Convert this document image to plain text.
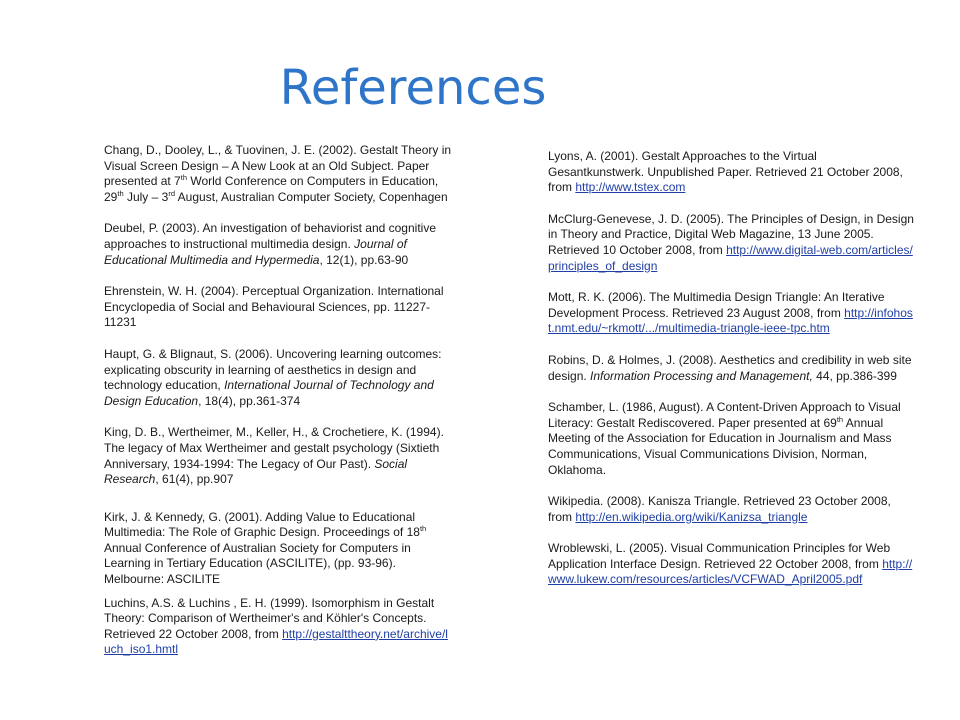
References

Chang, D., Dooley, L., & Tuovinen, J. E. (2002). Gestalt Theory in Visual Screen Design – A New Look at an Old Subject. Paper presented at 7th World Conference on Computers in Education, 29th July – 3rd August, Australian Computer Society, Copenhagen

Deubel, P. (2003). An investigation of behaviorist and cognitive approaches to instructional multimedia design. Journal of Educational Multimedia and Hypermedia, 12(1), pp.63-90

Ehrenstein, W. H. (2004). Perceptual Organization. International Encyclopedia of Social and Behavioural Sciences, pp. 11227-11231

Haupt, G. & Blignaut, S. (2006). Uncovering learning outcomes: explicating obscurity in learning of aesthetics in design and technology education, International Journal of Technology and Design Education, 18(4), pp.361-374

King, D. B., Wertheimer, M., Keller, H., & Crochetiere, K. (1994). The legacy of Max Wertheimer and gestalt psychology (Sixtieth Anniversary, 1934-1994: The Legacy of Our Past). Social Research, 61(4), pp.907

Kirk, J. & Kennedy, G. (2001). Adding Value to Educational Multimedia: The Role of Graphic Design. Proceedings of 18th Annual Conference of Australian Society for Computers in Learning in Tertiary Education (ASCILITE), (pp. 93-96). Melbourne: ASCILITE

Luchins, A.S. & Luchins , E. H. (1999). Isomorphism in Gestalt Theory: Comparison of Wertheimer's and Köhler's Concepts. Retrieved 22 October 2008, from http://gestalttheory.net/archive/luch_iso1.hmtl

Lyons, A. (2001). Gestalt Approaches to the Virtual Gesantkunstwerk. Unpublished Paper. Retrieved 21 October 2008, from http://www.tstex.com

McClurg-Genevese, J. D. (2005). The Principles of Design, in Design in Theory and Practice, Digital Web Magazine, 13 June 2005. Retrieved 10 October 2008, from http://www.digital-web.com/articles/principles_of_design

Mott, R. K. (2006). The Multimedia Design Triangle: An Iterative Development Process. Retrieved 23 August 2008, from http://infohost.nmt.edu/~rkmott/.../multimedia-triangle-ieee-tpc.htm

Robins, D. & Holmes, J. (2008). Aesthetics and credibility in web site design. Information Processing and Management, 44, pp.386-399

Schamber, L. (1986, August). A Content-Driven Approach to Visual Literacy: Gestalt Rediscovered. Paper presented at 69th Annual Meeting of the Association for Education in Journalism and Mass Communications, Visual Communications Division, Norman, Oklahoma.

Wikipedia. (2008). Kanisza Triangle. Retrieved 23 October 2008, from http://en.wikipedia.org/wiki/Kanizsa_triangle

Wroblewski, L. (2005). Visual Communication Principles for Web Application Interface Design. Retrieved 22 October 2008, from http://www.lukew.com/resources/articles/VCFWAD_April2005.pdf
